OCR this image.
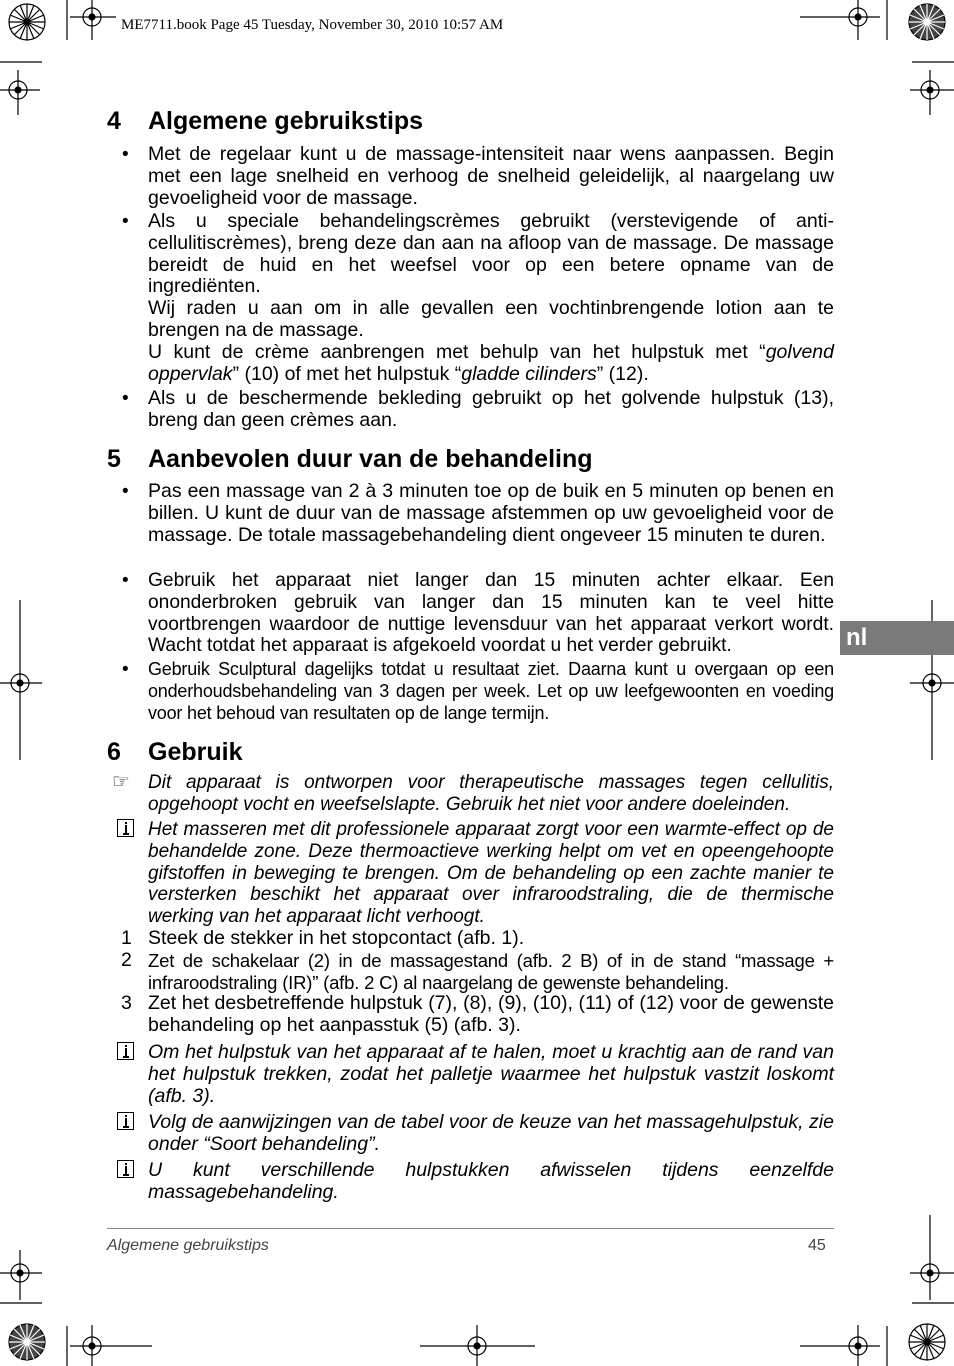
ME7711.book Page 45 Tuesday, November 30, 2010 10:57 AM
nl
4 Algemene gebruikstips
• Met de regelaar kunt u de massage-intensiteit naar wens aanpassen. Begin met een lage snelheid en verhoog de snelheid geleidelijk, al naargelang uw gevoeligheid voor de massage.
• Als u speciale behandelingscrèmes gebruikt (verstevigende of anti-cellulitiscrèmes), breng deze dan aan na afloop van de massage. De massage bereidt de huid en het weefsel voor op een betere opname van de ingrediënten.
Wij raden u aan om in alle gevallen een vochtinbrengende lotion aan te brengen na de massage.
U kunt de crème aanbrengen met behulp van het hulpstuk met “golvend oppervlak” (10) of met het hulpstuk “gladde cilinders” (12).
• Als u de beschermende bekleding gebruikt op het golvende hulpstuk (13), breng dan geen crèmes aan.
5 Aanbevolen duur van de behandeling
• Pas een massage van 2 à 3 minuten toe op de buik en 5 minuten op benen en billen. U kunt de duur van de massage afstemmen op uw gevoeligheid voor de massage. De totale massagebehandeling dient ongeveer 15 minuten te duren.
• Gebruik het apparaat niet langer dan 15 minuten achter elkaar. Een ononderbroken gebruik van langer dan 15 minuten kan te veel hitte voortbrengen waardoor de nuttige levensduur van het apparaat verkort wordt. Wacht totdat het apparaat is afgekoeld voordat u het verder gebruikt.
• Gebruik Sculptural dagelijks totdat u resultaat ziet. Daarna kunt u overgaan op een onderhoudsbehandeling van 3 dagen per week. Let op uw leefgewoonten en voeding voor het behoud van resultaten op de lange termijn.
6 Gebruik
☞ Dit apparaat is ontworpen voor therapeutische massages tegen cellulitis, opgehoopt vocht en weefselslapte. Gebruik het niet voor andere doeleinden.
Het masseren met dit professionele apparaat zorgt voor een warmte-effect op de behandelde zone. Deze thermoactieve werking helpt om vet en opeengehoopte gifstoffen in beweging te brengen. Om de behandeling op een zachte manier te versterken beschikt het apparaat over infraroodstraling, die de thermische werking van het apparaat licht verhoogt.
1 Steek de stekker in het stopcontact (afb. 1).
2 Zet de schakelaar (2) in de massagestand (afb. 2 B) of in de stand “massage + infraroodstraling (IR)” (afb. 2 C) al naargelang de gewenste behandeling.
3 Zet het desbetreffende hulpstuk (7), (8), (9), (10), (11) of (12) voor de gewenste behandeling op het aanpasstuk (5) (afb. 3).
Om het hulpstuk van het apparaat af te halen, moet u krachtig aan de rand van het hulpstuk trekken, zodat het palletje waarmee het hulpstuk vastzit loskomt (afb. 3).
Volg de aanwijzingen van de tabel voor de keuze van het massagehulpstuk, zie onder “Soort behandeling”.
U kunt verschillende hulpstukken afwisselen tijdens eenzelfde massagebehandeling.
Algemene gebruikstips	45
